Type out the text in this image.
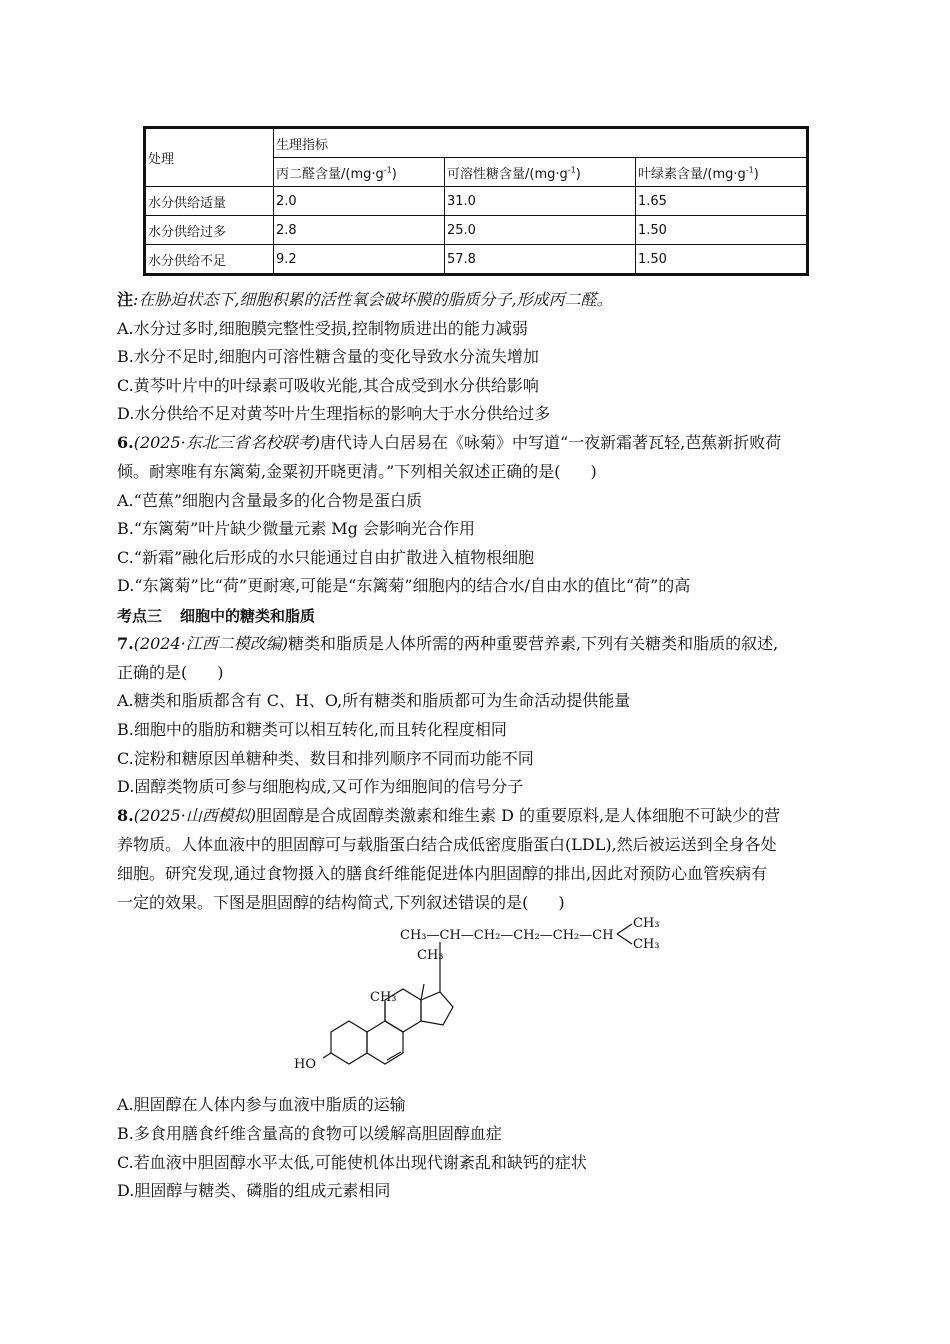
处理	生理指标		
	丙二醛含量$/(mg\cdot g^{-1})$	可溶性糖含量$/(mg\cdot g^{-1})$	叶绿素含量$/(mg\cdot g^{-1})$
水分供给适量	2.0	31.0	1.65
水分供给过多	2.8	25.0	1.50
水分供给不足	9.2	57.8	1.50
注:在胁迫状态下,细胞积累的活性氧会破坏膜的脂质分子,形成丙二醛。
A.水分过多时,细胞膜完整性受损,控制物质进出的能力减弱
B.水分不足时,细胞内可溶性糖含量的变化导致水分流失增加
C.黄芩叶片中的叶绿素可吸收光能,其合成受到水分供给影响
D.水分供给不足对黄芩叶片生理指标的影响大于水分供给过多
6.(2025·东北三省名校联考)唐代诗人白居易在《咏菊》中写道“一夜新霜著瓦轻,芭蕉新折败荷
倾。耐寒唯有东篱菊,金粟初开晓更清。”下列相关叙述正确的是( )
A.“芭蕉”细胞内含量最多的化合物是蛋白质
B.“东篱菊”叶片缺少微量元素 Mg 会影响光合作用
C.“新霜”融化后形成的水只能通过自由扩散进入植物根细胞
D.“东篱菊”比“荷”更耐寒,可能是“东篱菊”细胞内的结合水/自由水的值比“荷”的高
考点三 细胞中的糖类和脂质
7.(2024·江西二模改编)糖类和脂质是人体所需的两种重要营养素,下列有关糖类和脂质的叙述,
正确的是( )
A.糖类和脂质都含有 C、H、O,所有糖类和脂质都可为生命活动提供能量
B.细胞中的脂肪和糖类可以相互转化,而且转化程度相同
C.淀粉和糖原因单糖种类、数目和排列顺序不同而功能不同
D.固醇类物质可参与细胞构成,又可作为细胞间的信号分子
8.(2025·山西模拟)胆固醇是合成固醇类激素和维生素 D 的重要原料,是人体细胞不可缺少的营
养物质。人体血液中的胆固醇可与载脂蛋白结合成低密度脂蛋白(LDL),然后被运送到全身各处
细胞。研究发现,通过食物摄入的膳食纤维能促进体内胆固醇的排出,因此对预防心血管疾病有
一定的效果。下图是胆固醇的结构简式,下列叙述错误的是( )
CH₃—CH—CH₂—CH₂—CH₂—CH
CH₃
CH₃
CH₃
CH₃
HO
A.胆固醇在人体内参与血液中脂质的运输
B.多食用膳食纤维含量高的食物可以缓解高胆固醇血症
C.若血液中胆固醇水平太低,可能使机体出现代谢紊乱和缺钙的症状
D.胆固醇与糖类、磷脂的组成元素相同
